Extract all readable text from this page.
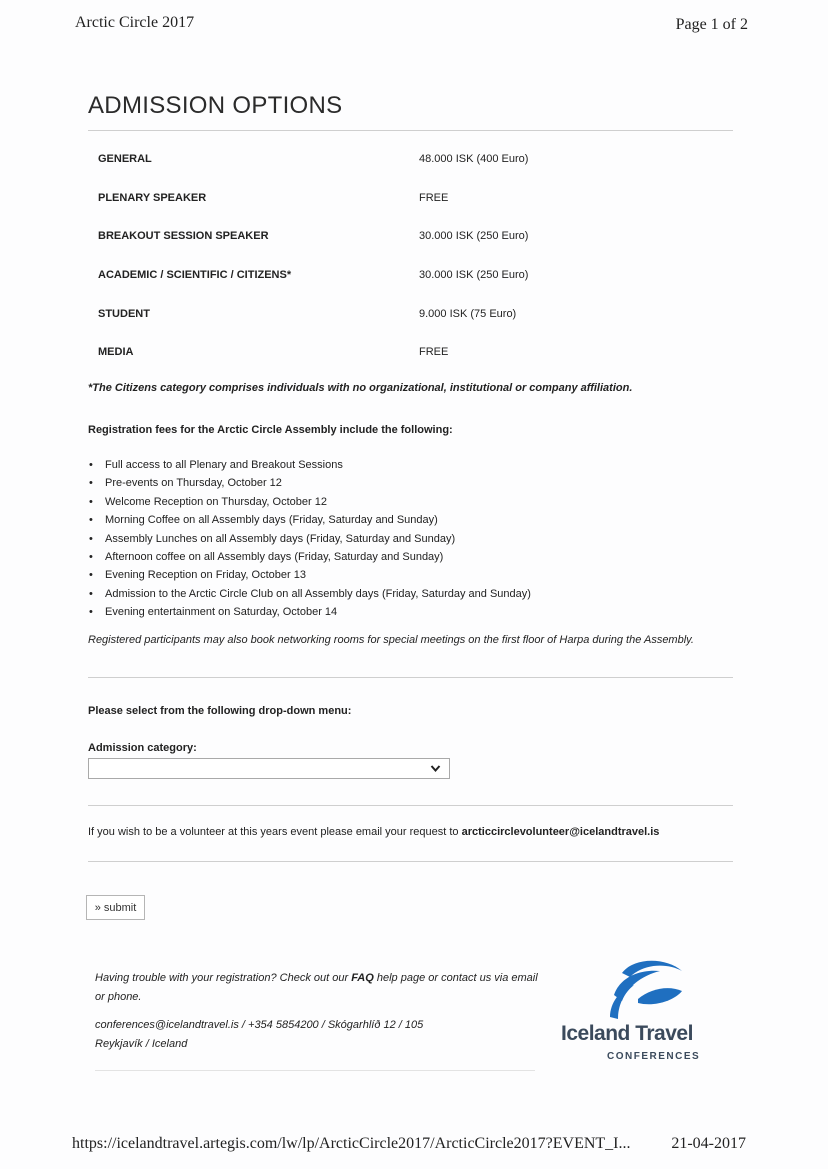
Arctic Circle 2017	Page 1 of 2
ADMISSION OPTIONS
GENERAL	48.000 ISK (400 Euro)
PLENARY SPEAKER	FREE
BREAKOUT SESSION SPEAKER	30.000 ISK (250 Euro)
ACADEMIC / SCIENTIFIC / CITIZENS*	30.000 ISK (250 Euro)
STUDENT	9.000 ISK (75 Euro)
MEDIA	FREE
*The Citizens category comprises individuals with no organizational, institutional or company affiliation.
Registration fees for the Arctic Circle Assembly include the following:
• Full access to all Plenary and Breakout Sessions
• Pre-events on Thursday, October 12
• Welcome Reception on Thursday, October 12
• Morning Coffee on all Assembly days (Friday, Saturday and Sunday)
• Assembly Lunches on all Assembly days (Friday, Saturday and Sunday)
• Afternoon coffee on all Assembly days (Friday, Saturday and Sunday)
• Evening Reception on Friday, October 13
• Admission to the Arctic Circle Club on all Assembly days (Friday, Saturday and Sunday)
• Evening entertainment on Saturday, October 14
Registered participants may also book networking rooms for special meetings on the first floor of Harpa during the Assembly.
Please select from the following drop-down menu:
Admission category:
If you wish to be a volunteer at this years event please email your request to arcticcirclevolunteer@icelandtravel.is
» submit
Having trouble with your registration? Check out our FAQ help page or contact us via email or phone.
conferences@icelandtravel.is / +354 5854200 / Skógarhlíð 12 / 105
Reykjavík / Iceland	Iceland Travel
CONFERENCES
https://icelandtravel.artegis.com/lw/lp/ArcticCircle2017/ArcticCircle2017?EVENT_I...	21-04-2017
